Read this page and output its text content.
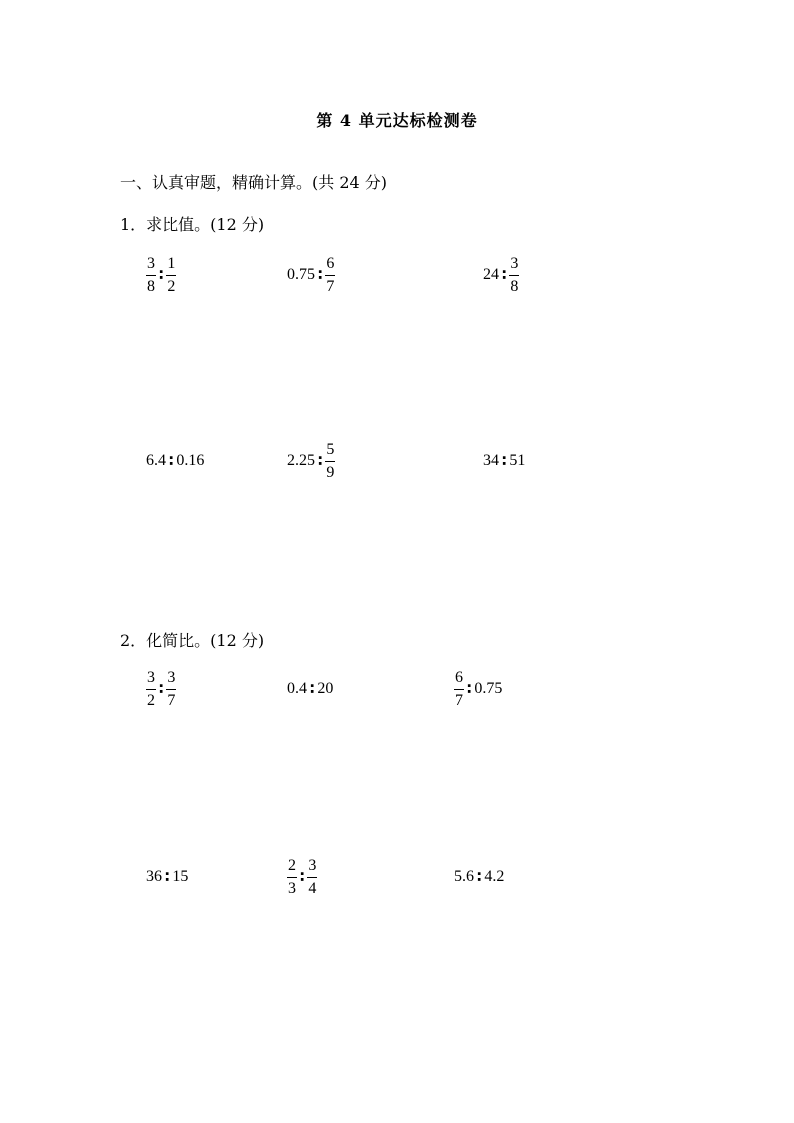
第 4 单元达标检测卷
一、认真审题，精确计算。(共 24 分)
1．求比值。(12 分)
$\frac{3}{8}$ ∶ $\frac{1}{2}$	0.75 ∶ $\frac{6}{7}$	24 ∶ $\frac{3}{8}$
6.4 ∶ 0.16	2.25 ∶ $\frac{5}{9}$	34 ∶ 51
2．化简比。(12 分)
$\frac{3}{2}$ ∶ $\frac{3}{7}$	0.4 ∶ 20	$\frac{6}{7}$ ∶ 0.75
36 ∶ 15	$\frac{2}{3}$ ∶ $\frac{3}{4}$	5.6 ∶ 4.2
